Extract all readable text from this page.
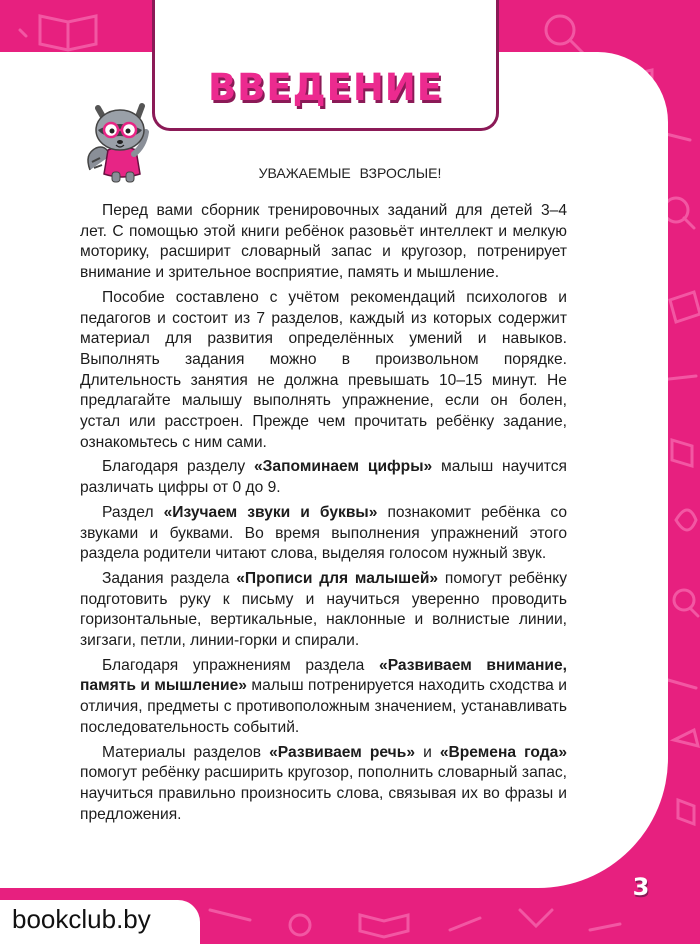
ВВЕДЕНИЕ
УВАЖАЕМЫЕ ВЗРОСЛЫЕ!

Перед вами сборник тренировочных заданий для детей 3–4 лет. С помощью этой книги ребёнок разовьёт интеллект и мелкую моторику, расширит словарный запас и кругозор, потренирует внимание и зрительное восприятие, память и мышление.

Пособие составлено с учётом рекомендаций психологов и педагогов и состоит из 7 разделов, каждый из которых содержит материал для развития определённых умений и навыков. Выполнять задания можно в произвольном порядке. Длительность занятия не должна превышать 10–15 минут. Не предлагайте малышу выполнять упражнение, если он болен, устал или расстроен. Прежде чем прочитать ребёнку задание, ознакомьтесь с ним сами.

Благодаря разделу «Запоминаем цифры» малыш научится различать цифры от 0 до 9.

Раздел «Изучаем звуки и буквы» познакомит ребёнка со звуками и буквами. Во время выполнения упражнений этого раздела родители читают слова, выделяя голосом нужный звук.

Задания раздела «Прописи для малышей» помогут ребёнку подготовить руку к письму и научиться уверенно проводить горизонтальные, вертикальные, наклонные и волнистые линии, зигзаги, петли, линии-горки и спирали.

Благодаря упражнениям раздела «Развиваем внимание, память и мышление» малыш потренируется находить сходства и отличия, предметы с противоположным значением, устанавливать последовательность событий.

Материалы разделов «Развиваем речь» и «Времена года» помогут ребёнку расширить кругозор, пополнить словарный запас, научиться правильно произносить слова, связывая их во фразы и предложения.

3
bookclub.by
